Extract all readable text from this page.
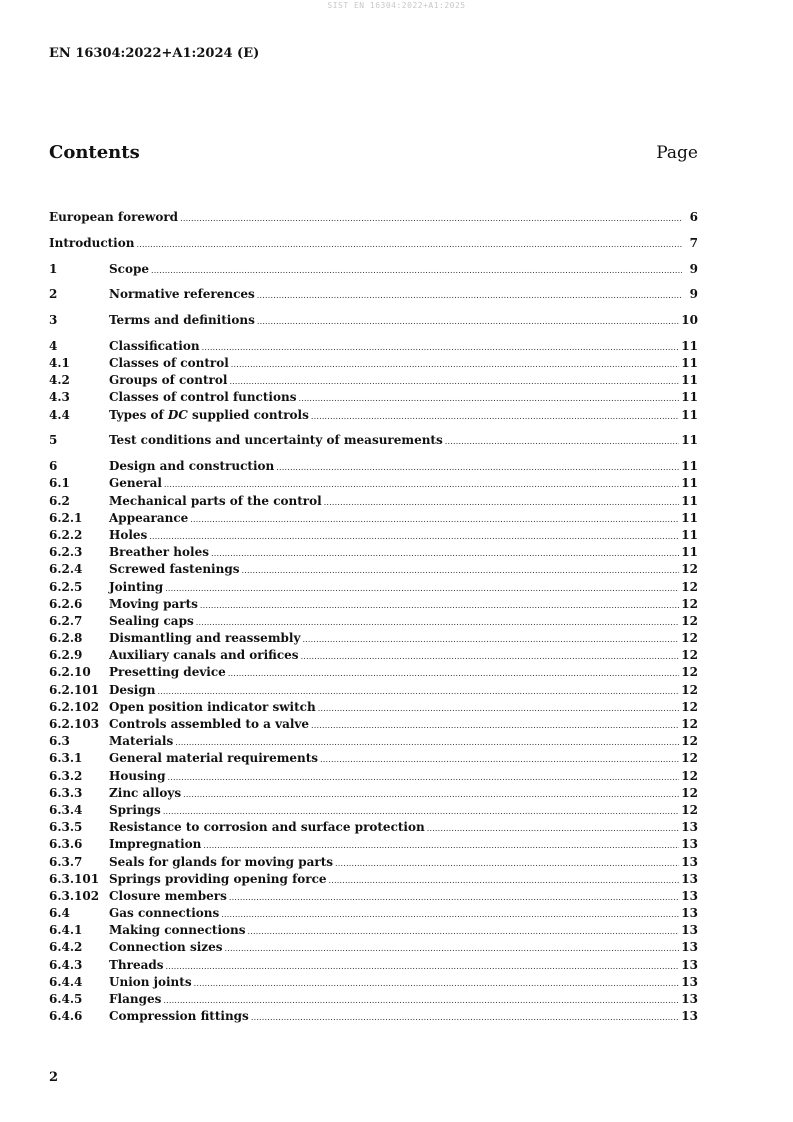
SIST EN 16304:2022+A1:2025
EN 16304:2022+A1:2024 (E)
Contents	Page
European foreword .....	6
Introduction .....	7
1	Scope .....	9
2	Normative references .....	9
3	Terms and definitions .....	10
4	Classification .....	11
4.1	Classes of control .....	11
4.2	Groups of control .....	11
4.3	Classes of control functions .....	11
4.4	Types of DC supplied controls .....	11
5	Test conditions and uncertainty of measurements .....	11
6	Design and construction .....	11
6.1	General .....	11
6.2	Mechanical parts of the control .....	11
6.2.1	Appearance .....	11
6.2.2	Holes .....	11
6.2.3	Breather holes .....	11
6.2.4	Screwed fastenings .....	12
6.2.5	Jointing .....	12
6.2.6	Moving parts .....	12
6.2.7	Sealing caps .....	12
6.2.8	Dismantling and reassembly .....	12
6.2.9	Auxiliary canals and orifices .....	12
6.2.10	Presetting device .....	12
6.2.101 Design .....	12
6.2.102 Open position indicator switch .....	12
6.2.103 Controls assembled to a valve .....	12
6.3	Materials .....	12
6.3.1	General material requirements .....	12
6.3.2	Housing .....	12
6.3.3	Zinc alloys .....	12
6.3.4	Springs .....	12
6.3.5	Resistance to corrosion and surface protection .....	13
6.3.6	Impregnation .....	13
6.3.7	Seals for glands for moving parts .....	13
6.3.101 Springs providing opening force .....	13
6.3.102 Closure members .....	13
6.4	Gas connections .....	13
6.4.1	Making connections .....	13
6.4.2	Connection sizes .....	13
6.4.3	Threads .....	13
6.4.4	Union joints .....	13
6.4.5	Flanges .....	13
6.4.6	Compression fittings .....	13
2
